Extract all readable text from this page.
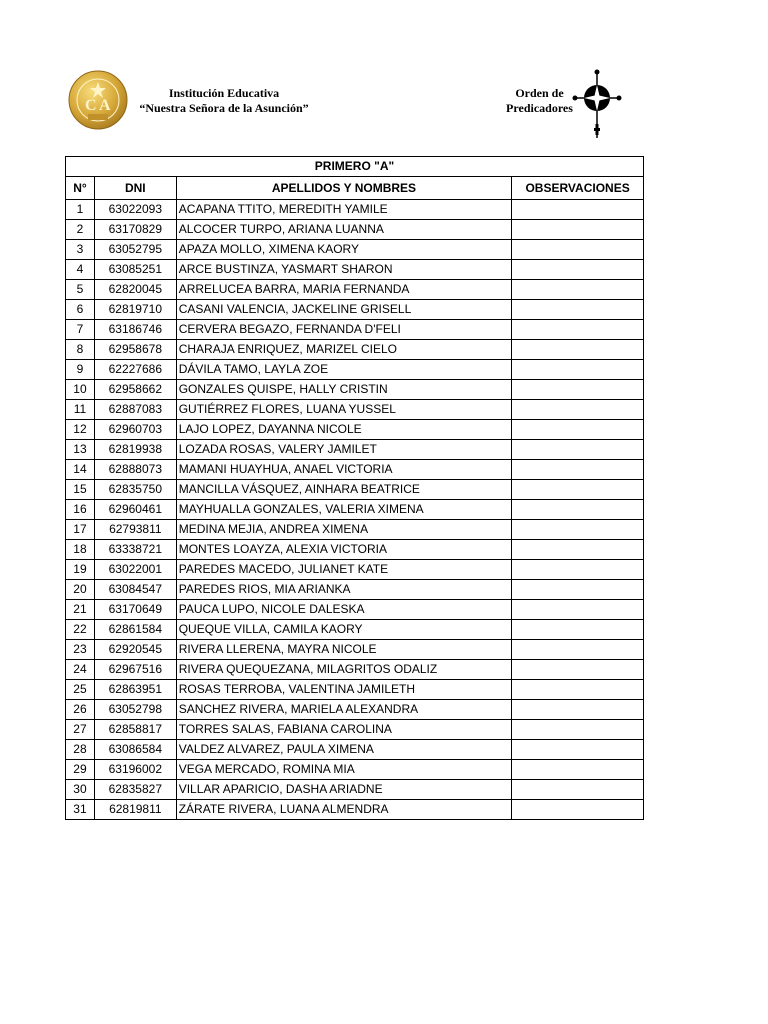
C A
Institución Educativa
“Nuestra Señora de la Asunción”
Orden de
Predicadores
PRIMERO "A"			
N°	DNI	APELLIDOS Y NOMBRES	OBSERVACIONES
1	63022093	ACAPANA TTITO, MEREDITH YAMILE	
2	63170829	ALCOCER TURPO, ARIANA LUANNA	
3	63052795	APAZA MOLLO, XIMENA KAORY	
4	63085251	ARCE BUSTINZA, YASMART SHARON	
5	62820045	ARRELUCEA BARRA, MARIA FERNANDA	
6	62819710	CASANI VALENCIA, JACKELINE GRISELL	
7	63186746	CERVERA BEGAZO, FERNANDA D'FELI	
8	62958678	CHARAJA ENRIQUEZ, MARIZEL CIELO	
9	62227686	DÁVILA TAMO, LAYLA ZOE	
10	62958662	GONZALES QUISPE, HALLY CRISTIN	
11	62887083	GUTIÉRREZ FLORES, LUANA YUSSEL	
12	62960703	LAJO LOPEZ, DAYANNA NICOLE	
13	62819938	LOZADA ROSAS, VALERY JAMILET	
14	62888073	MAMANI HUAYHUA, ANAEL VICTORIA	
15	62835750	MANCILLA VÁSQUEZ, AINHARA BEATRICE	
16	62960461	MAYHUALLA GONZALES, VALERIA XIMENA	
17	62793811	MEDINA MEJIA, ANDREA XIMENA	
18	63338721	MONTES LOAYZA, ALEXIA VICTORIA	
19	63022001	PAREDES MACEDO, JULIANET KATE	
20	63084547	PAREDES RIOS, MIA ARIANKA	
21	63170649	PAUCA LUPO, NICOLE DALESKA	
22	62861584	QUEQUE VILLA, CAMILA KAORY	
23	62920545	RIVERA LLERENA, MAYRA NICOLE	
24	62967516	RIVERA QUEQUEZANA, MILAGRITOS ODALIZ	
25	62863951	ROSAS TERROBA, VALENTINA JAMILETH	
26	63052798	SANCHEZ RIVERA, MARIELA ALEXANDRA	
27	62858817	TORRES SALAS, FABIANA CAROLINA	
28	63086584	VALDEZ ALVAREZ, PAULA XIMENA	
29	63196002	VEGA MERCADO, ROMINA MIA	
30	62835827	VILLAR APARICIO, DASHA ARIADNE	
31	62819811	ZÁRATE RIVERA, LUANA ALMENDRA	
